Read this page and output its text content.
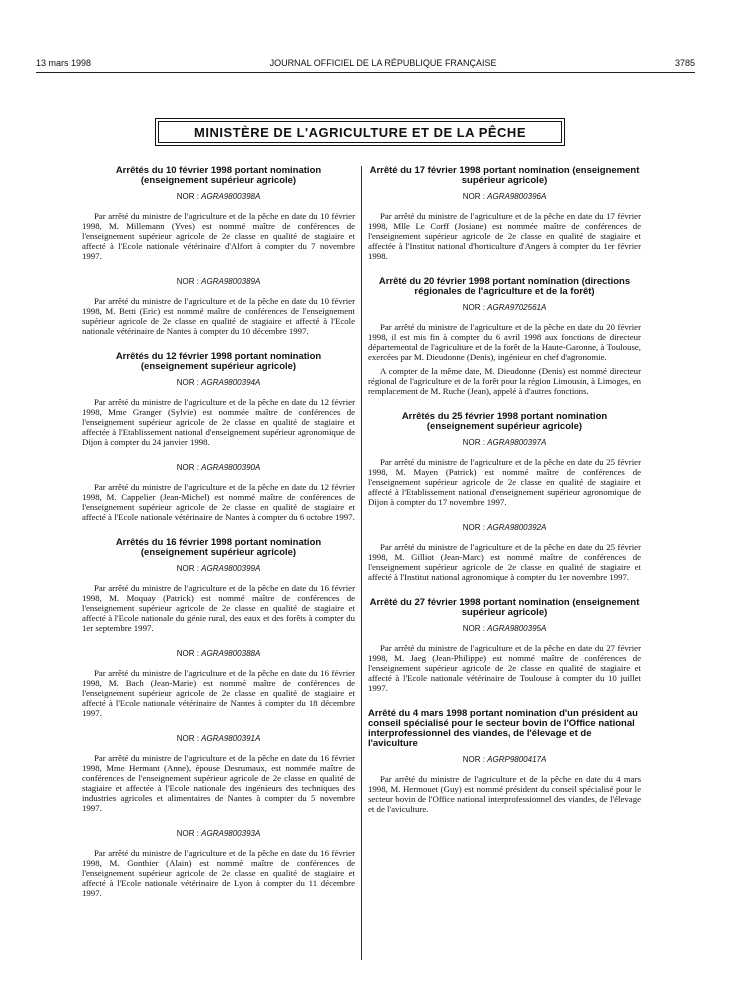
13 mars 1998	JOURNAL OFFICIEL DE LA RÉPUBLIQUE FRANÇAISE	3785
MINISTÈRE DE L'AGRICULTURE ET DE LA PÊCHE

Arrêtés du 10 février 1998 portant nomination (enseignement supérieur agricole)

NOR : AGRA9800398A

Par arrêté du ministre de l'agriculture et de la pêche en date du 10 février 1998, M. Millemann (Yves) est nommé maître de conférences de l'enseignement supérieur agricole de 2e classe en qualité de stagiaire et affecté à l'Ecole nationale vétérinaire d'Alfort à compter du 7 novembre 1997.

NOR : AGRA9800389A

Par arrêté du ministre de l'agriculture et de la pêche en date du 10 février 1998, M. Betti (Eric) est nommé maître de conférences de l'enseignement supérieur agricole de 2e classe en qualité de stagiaire et affecté à l'Ecole nationale vétérinaire de Nantes à compter du 10 décembre 1997.

Arrêtés du 12 février 1998 portant nomination (enseignement supérieur agricole)

NOR : AGRA9800394A

Par arrêté du ministre de l'agriculture et de la pêche en date du 12 février 1998, Mme Granger (Sylvie) est nommée maître de conférences de l'enseignement supérieur agricole de 2e classe en qualité de stagiaire et affectée à l'Etablissement national d'enseignement supérieur agronomique de Dijon à compter du 24 janvier 1998.

NOR : AGRA9800390A

Par arrêté du ministre de l'agriculture et de la pêche en date du 12 février 1998, M. Cappelier (Jean-Michel) est nommé maître de conférences de l'enseignement supérieur agricole de 2e classe en qualité de stagiaire et affecté à l'Ecole nationale vétérinaire de Nantes à compter du 6 octobre 1997.

Arrêtés du 16 février 1998 portant nomination (enseignement supérieur agricole)

NOR : AGRA9800399A

Par arrêté du ministre de l'agriculture et de la pêche en date du 16 février 1998, M. Moquay (Patrick) est nommé maître de conférences de l'enseignement supérieur agricole de 2e classe en qualité de stagiaire et affecté à l'Ecole nationale du génie rural, des eaux et des forêts à compter du 1er septembre 1997.

NOR : AGRA9800388A

Par arrêté du ministre de l'agriculture et de la pêche en date du 16 février 1998, M. Bach (Jean-Marie) est nommé maître de conférences de l'enseignement supérieur agricole de 2e classe en qualité de stagiaire et affecté à l'Ecole nationale vétérinaire de Nantes à compter du 18 décembre 1997.

NOR : AGRA9800391A

Par arrêté du ministre de l'agriculture et de la pêche en date du 16 février 1998, Mme Hermant (Anne), épouse Desrumaux, est nommée maître de conférences de l'enseignement supérieur agricole de 2e classe en qualité de stagiaire et affectée à l'Ecole nationale des ingénieurs des techniques des industries agricoles et alimentaires de Nantes à compter du 5 novembre 1997.

NOR : AGRA9800393A

Par arrêté du ministre de l'agriculture et de la pêche en date du 16 février 1998, M. Gonthier (Alain) est nommé maître de conférences de l'enseignement supérieur agricole de 2e classe en qualité de stagiaire et affecté à l'Ecole nationale vétérinaire de Lyon à compter du 11 décembre 1997.

Arrêté du 17 février 1998 portant nomination (enseignement supérieur agricole)

NOR : AGRA9800396A

Par arrêté du ministre de l'agriculture et de la pêche en date du 17 février 1998, Mlle Le Corff (Josiane) est nommée maître de conférences de l'enseignement supérieur agricole de 2e classe en qualité de stagiaire et affectée à l'Institut national d'horticulture d'Angers à compter du 1er février 1998.

Arrêté du 20 février 1998 portant nomination (directions régionales de l'agriculture et de la forêt)

NOR : AGRA9702561A

Par arrêté du ministre de l'agriculture et de la pêche en date du 20 février 1998, il est mis fin à compter du 6 avril 1998 aux fonctions de directeur départemental de l'agriculture et de la forêt de la Haute-Garonne, à Toulouse, exercées par M. Dieudonne (Denis), ingénieur en chef d'agronomie.

A compter de la même date, M. Dieudonne (Denis) est nommé directeur régional de l'agriculture et de la forêt pour la région Limousin, à Limoges, en remplacement de M. Ruche (Jean), appelé à d'autres fonctions.

Arrêtés du 25 février 1998 portant nomination (enseignement supérieur agricole)

NOR : AGRA9800397A

Par arrêté du ministre de l'agriculture et de la pêche en date du 25 février 1998, M. Mayen (Patrick) est nommé maître de conférences de l'enseignement supérieur agricole de 2e classe en qualité de stagiaire et affecté à l'Etablissement national d'enseignement supérieur agronomique de Dijon à compter du 17 novembre 1997.

NOR : AGRA9800392A

Par arrêté du ministre de l'agriculture et de la pêche en date du 25 février 1998, M. Gilliot (Jean-Marc) est nommé maître de conférences de l'enseignement supérieur agricole de 2e classe en qualité de stagiaire et affecté à l'Institut national agronomique à compter du 1er novembre 1997.

Arrêté du 27 février 1998 portant nomination (enseignement supérieur agricole)

NOR : AGRA9800395A

Par arrêté du ministre de l'agriculture et de la pêche en date du 27 février 1998, M. Jaeg (Jean-Philippe) est nommé maître de conférences de l'enseignement supérieur agricole de 2e classe en qualité de stagiaire et affecté à l'Ecole nationale vétérinaire de Toulouse à compter du 10 juillet 1997.

Arrêté du 4 mars 1998 portant nomination d'un président au conseil spécialisé pour le secteur bovin de l'Office national interprofessionnel des viandes, de l'élevage et de l'aviculture

NOR : AGRP9800417A

Par arrêté du ministre de l'agriculture et de la pêche en date du 4 mars 1998, M. Hermouet (Guy) est nommé président du conseil spécialisé pour le secteur bovin de l'Office national interprofessionnel des viandes, de l'élevage et de l'aviculture.
